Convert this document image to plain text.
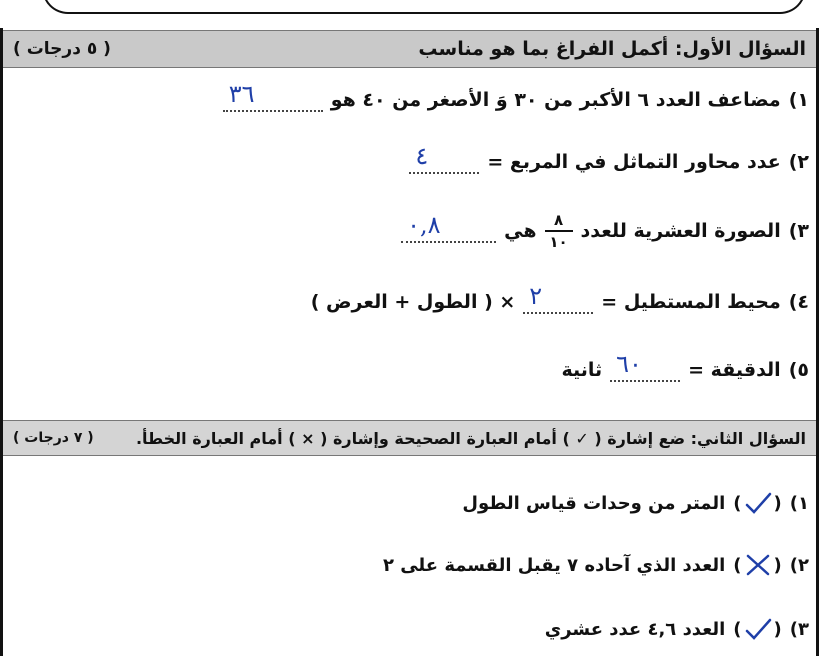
السؤال الأول: أكمل الفراغ بما هو مناسب
( ٥ درجات )
١)
مضاعف العدد ٦ الأكبر من ٣٠ وَ الأصغر من ٤٠ هو
٣٦
٢)
عدد محاور التماثل في المربع =
٤
٣)
الصورة العشرية للعدد
$\frac{٨}{١٠}$
هي
٠,٨
٤)
محيط المستطيل =
٢
× ( الطول + العرض )
٥)
الدقيقة =
٦٠
ثانية
السؤال الثاني: ضع إشارة ( ✓ ) أمام العبارة الصحيحة وإشارة ( × ) أمام العبارة الخطأ.
( ٧ درجات )
١)
(
)
المتر من وحدات قياس الطول
٢)
(
)
العدد الذي آحاده ٧ يقبل القسمة على ٢
٣)
(
)
العدد ٤,٦ عدد عشري
